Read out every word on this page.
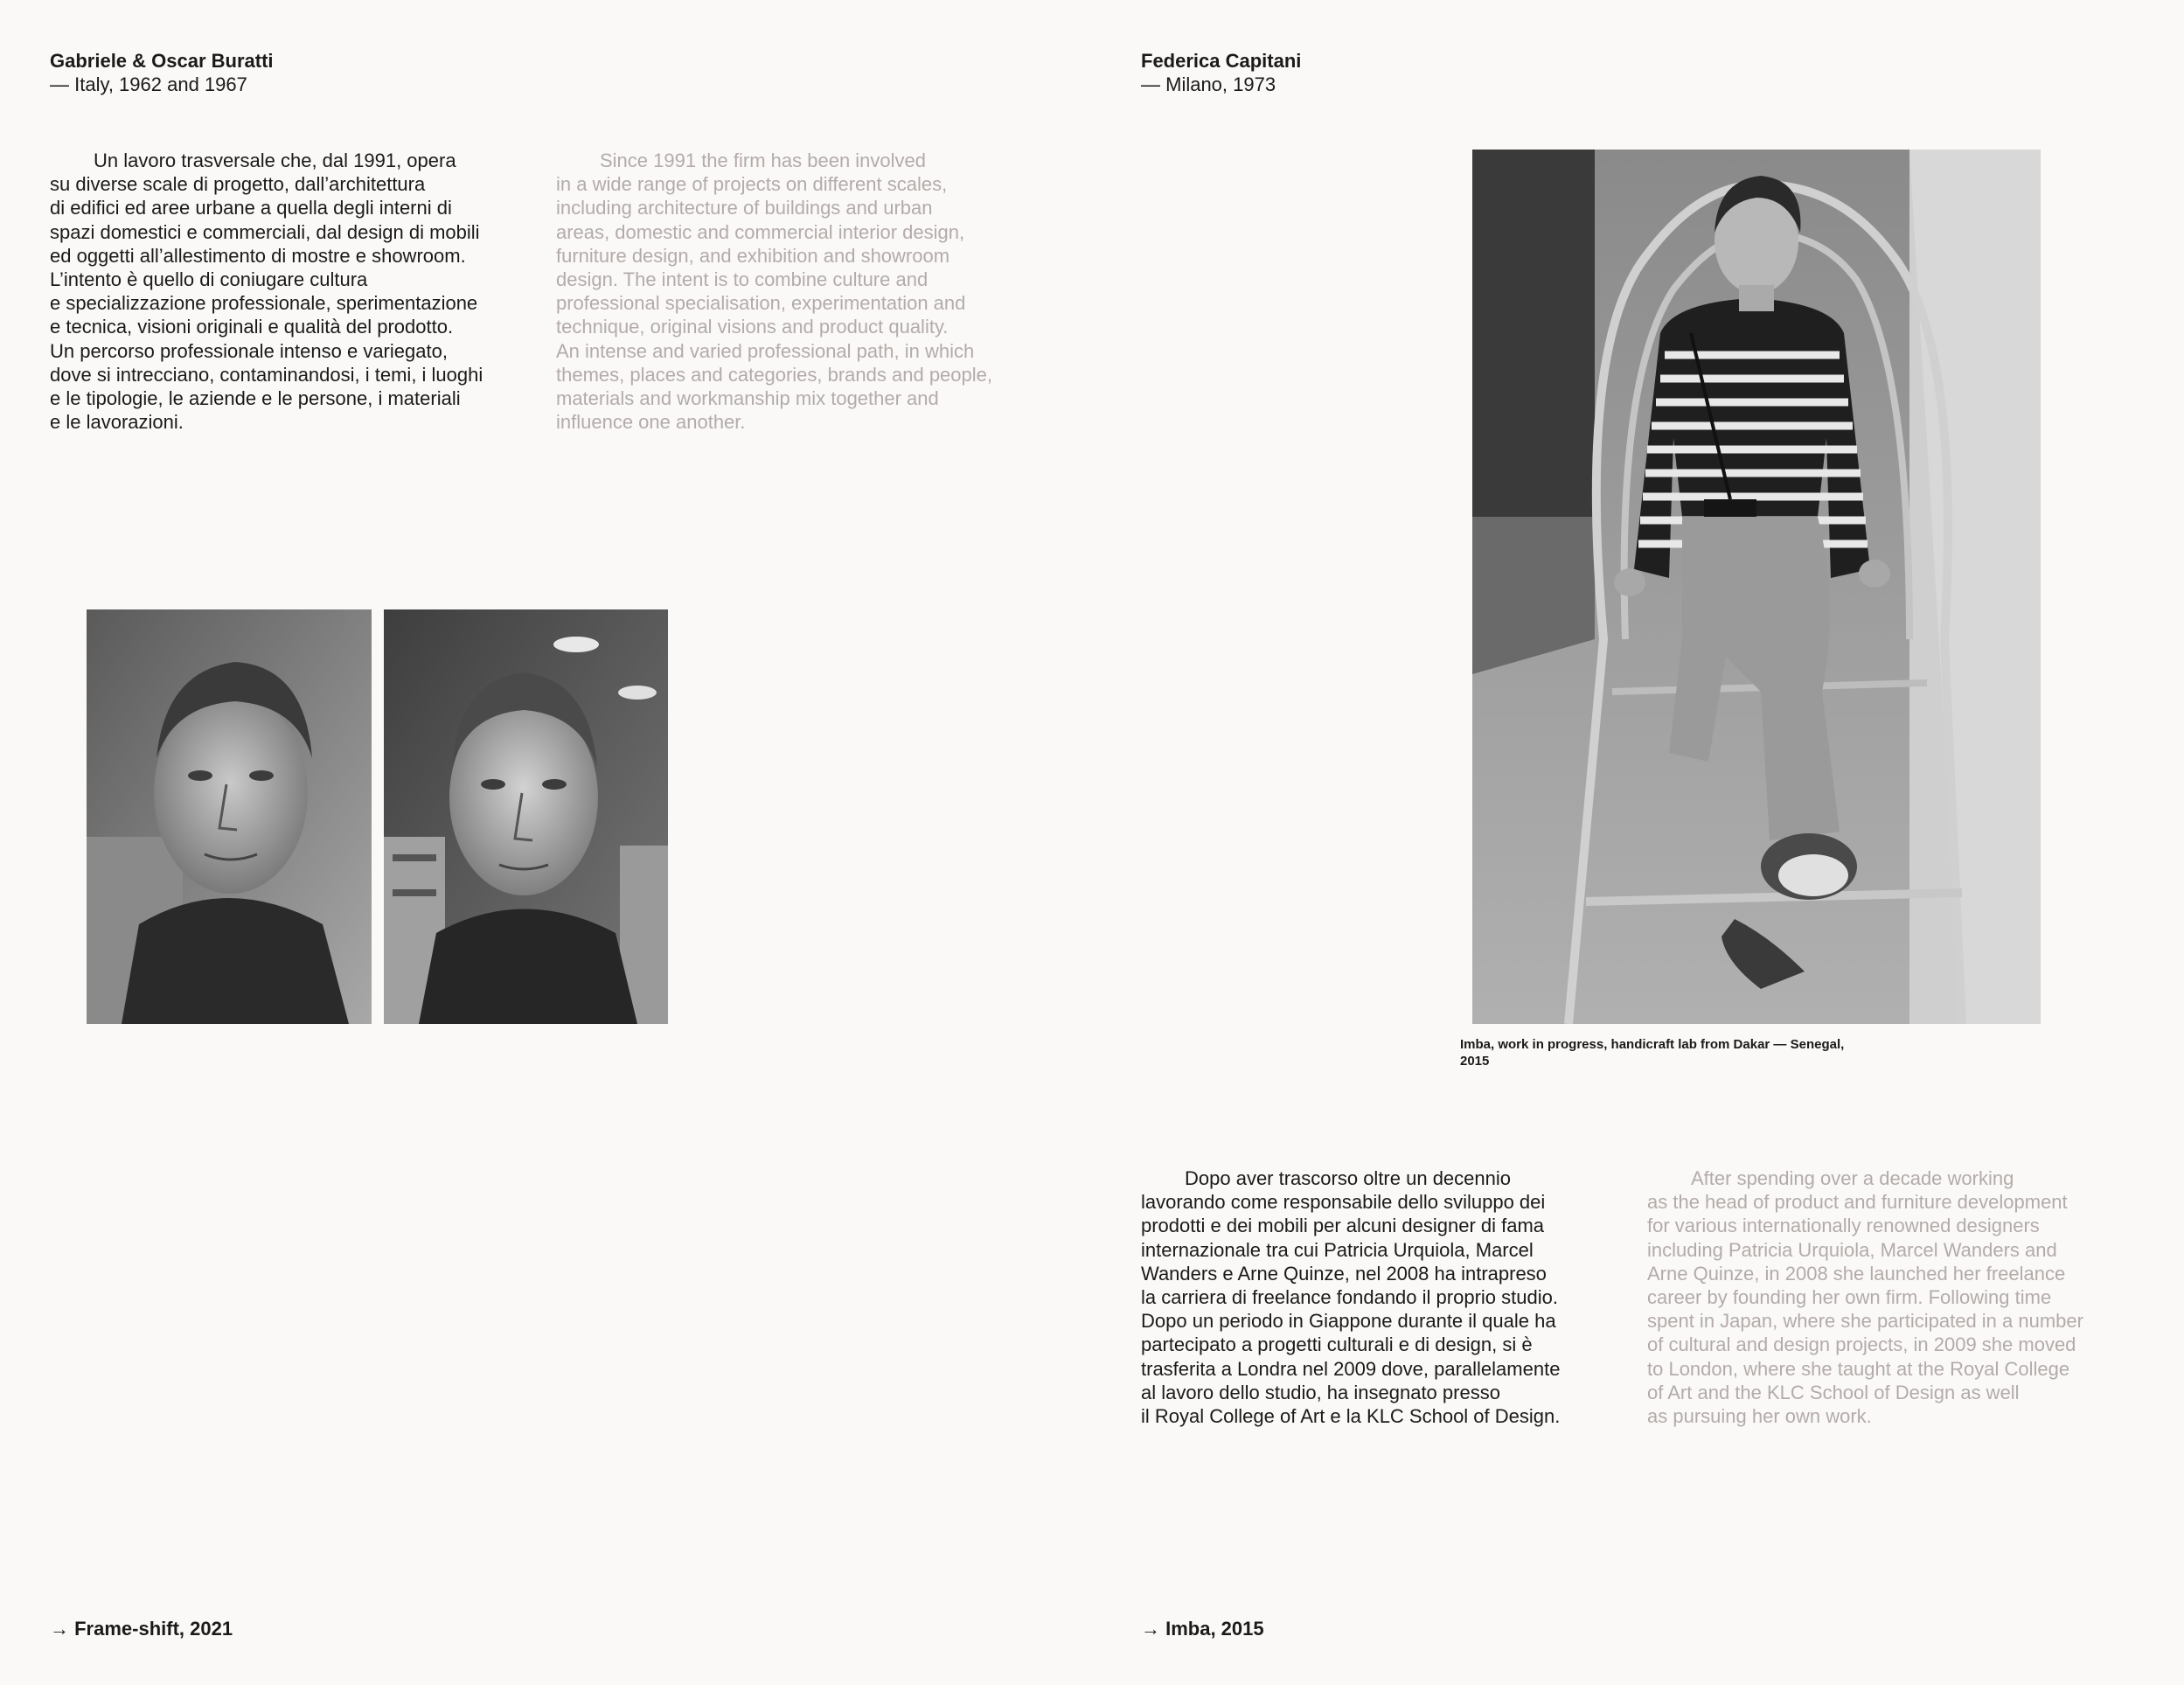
Gabriele & Oscar Buratti
— Italy, 1962 and 1967

Un lavoro trasversale che, dal 1991, opera
su diverse scale di progetto, dall’architettura
di edifici ed aree urbane a quella degli interni di
spazi domestici e commerciali, dal design di mobili
ed oggetti all’allestimento di mostre e showroom.
L’intento è quello di coniugare cultura
e specializzazione professionale, sperimentazione
e tecnica, visioni originali e qualità del prodotto.
Un percorso professionale intenso e variegato,
dove si intrecciano, contaminandosi, i temi, i luoghi
e le tipologie, le aziende e le persone, i materiali
e le lavorazioni.

Since 1991 the firm has been involved
in a wide range of projects on different scales,
including architecture of buildings and urban
areas, domestic and commercial interior design,
furniture design, and exhibition and showroom
design. The intent is to combine culture and
professional specialisation, experimentation and
technique, original visions and product quality.
An intense and varied professional path, in which
themes, places and categories, brands and people,
materials and workmanship mix together and
influence one another.

→ Frame-shift, 2021
Federica Capitani
— Milano, 1973
Imba, work in progress, handicraft lab from Dakar — Senegal,
2015

Dopo aver trascorso oltre un decennio
lavorando come responsabile dello sviluppo dei
prodotti e dei mobili per alcuni designer di fama
internazionale tra cui Patricia Urquiola, Marcel
Wanders e Arne Quinze, nel 2008 ha intrapreso
la carriera di freelance fondando il proprio studio.
Dopo un periodo in Giappone durante il quale ha
partecipato a progetti culturali e di design, si è
trasferita a Londra nel 2009 dove, parallelamente
al lavoro dello studio, ha insegnato presso
il Royal College of Art e la KLC School of Design.

After spending over a decade working
as the head of product and furniture development
for various internationally renowned designers
including Patricia Urquiola, Marcel Wanders and
Arne Quinze, in 2008 she launched her freelance
career by founding her own firm. Following time
spent in Japan, where she participated in a number
of cultural and design projects, in 2009 she moved
to London, where she taught at the Royal College
of Art and the KLC School of Design as well
as pursuing her own work.

→ Imba, 2015
